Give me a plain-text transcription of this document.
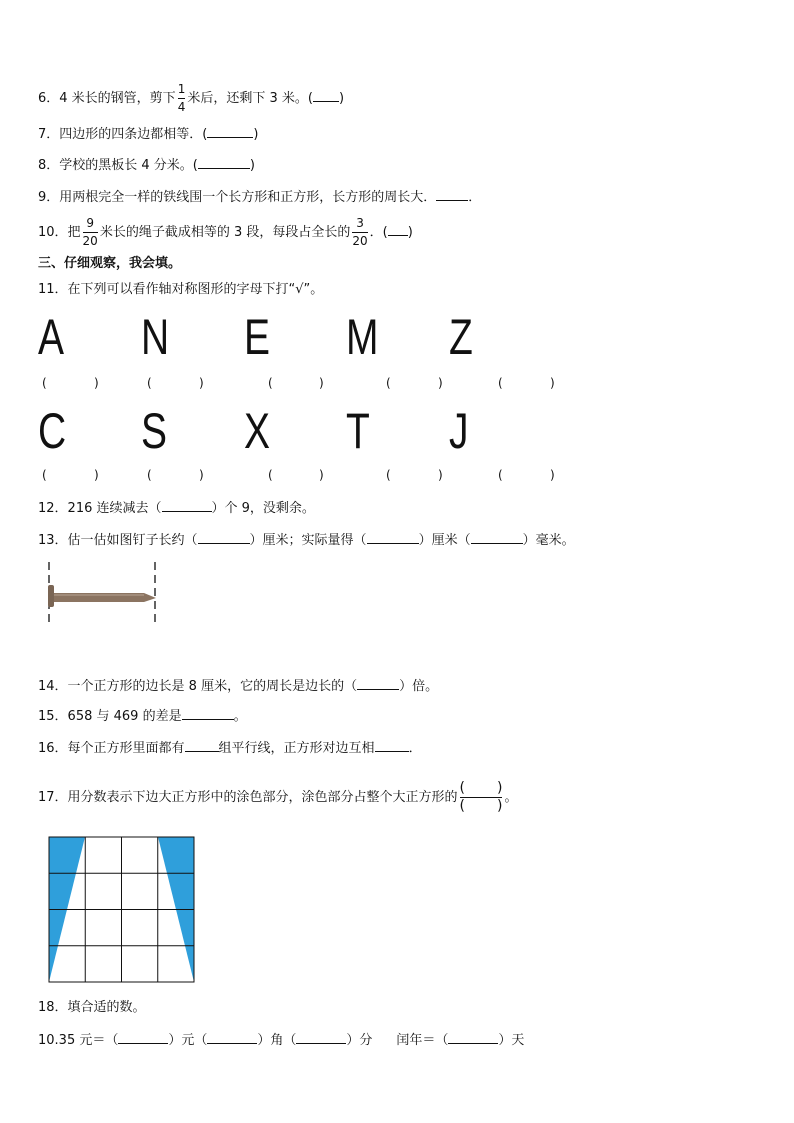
6．4 米长的钢管，剪下 $\frac{1}{4}$ 米后，还剩下 3 米。( )
7．四边形的四条边都相等．(	)
8．学校的黑板长 4 分米。(	)
9．用两根完全一样的铁线围一个长方形和正方形，长方形的周长大． ．
10．把 $\frac{9}{20}$ 米长的绳子截成相等的 3 段，每段占全长的 $\frac{3}{20}$ ．( )
三、仔细观察，我会填。
11．在下列可以看作轴对称图形的字母下打“√”。
A N E M Z
(	)	(	)	(	)	(	)	(	)
C S X T J
(	)	(	)	(	)	(	)	(	)
12．216 连续减去（	）个 9，没剩余。
13．估一估如图钉子长约（	）厘米；实际量得（	）厘米（	）毫米。
14．一个正方形的边长是 8 厘米，它的周长是边长的（	）倍。
15．658 与 469 的差是	。
16．每个正方形里面都有	组平行线，正方形对边互相	．
17．用分数表示下边大正方形中的涂色部分，涂色部分占整个大正方形的 $\frac{( )}{( )}$ 。
18．填合适的数。
10.35 元＝（	）元（	）角（	）分 闰年＝（	）天
